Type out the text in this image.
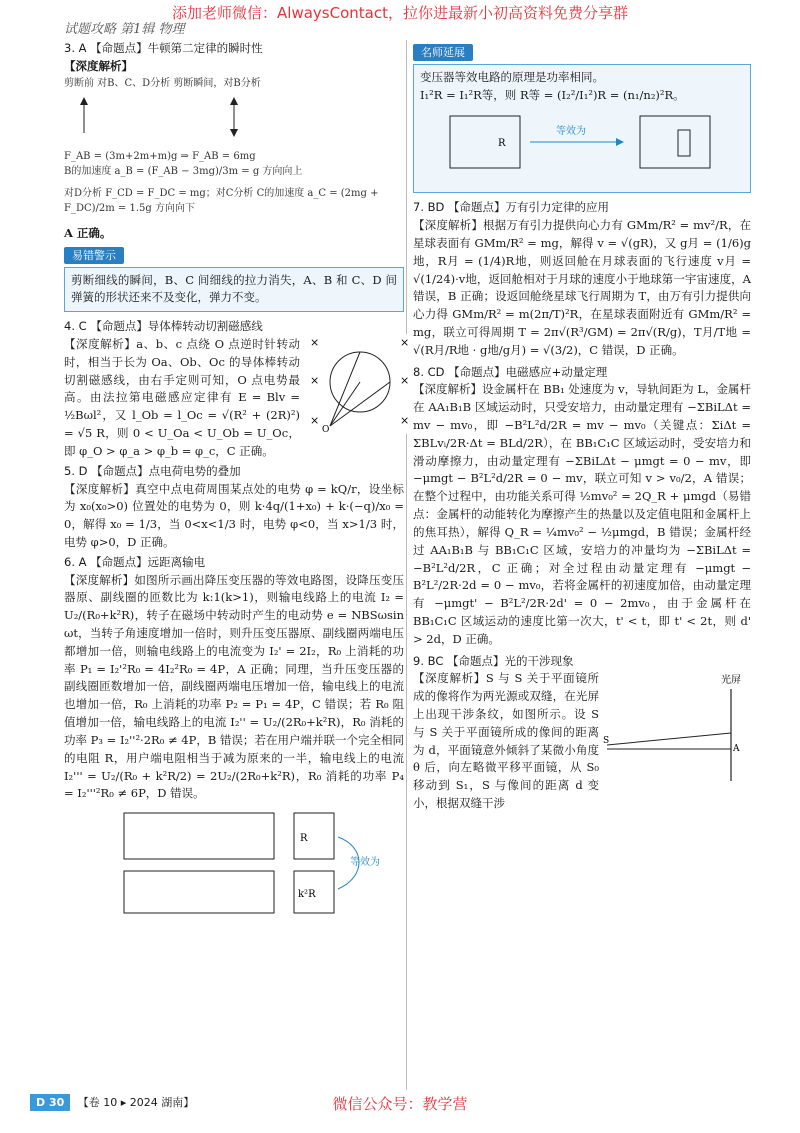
添加老师微信：AlwaysContact，拉你进最新小初高资料免费分享群
试题攻略 第1辑 物理
3. A 【命题点】牛顿第二定律的瞬时性
【深度解析】
剪断前 对B、C、D分析 剪断瞬间，对B分析
F_AB = (3m+2m+m)g ⇒ F_AB = 6mg
B的加速度 a_B = (F_AB − 3mg)/3m = g 方向向上
对D分析 F_CD = F_DC = mg；对C分析 C的加速度 a_C = (2mg + F_DC)/2m = 1.5g 方向向下

A 正确。

易错警示

剪断细线的瞬间，B、C 间细线的拉力消失，A、B 和 C、D 间弹簧的形状还来不及变化，弹力不变。

4. C 【命题点】导体棒转动切割磁感线
×	×
×	×
×	×
O

【深度解析】a、b、c 点绕 O 点逆时针转动时，相当于长为 Oa、Ob、Oc 的导体棒转动切割磁感线，由右手定则可知，O 点电势最高。由法拉第电磁感应定律有 E = Blv = ½Bωl²，又 l_Ob = l_Oc = √(R² + (2R)²) = √5 R，则 0 < U_Oa < U_Ob = U_Oc，即 φ_O > φ_a > φ_b = φ_c，C 正确。

5. D 【命题点】点电荷电势的叠加

【深度解析】真空中点电荷周围某点处的电势 φ = kQ/r，设坐标为 x₀(x₀>0) 位置处的电势为 0，则 k·4q/(1+x₀) + k·(−q)/x₀ = 0，解得 x₀ = 1/3，当 0<x<1/3 时，电势 φ<0，当 x>1/3 时，电势 φ>0，D 正确。

6. A 【命题点】远距离输电

【深度解析】如图所示画出降压变压器的等效电路图，设降压变压器原、副线圈的匝数比为 k:1(k>1)，则输电线路上的电流 I₂ = U₂/(R₀+k²R)，转子在磁场中转动时产生的电动势 e = NBSωsin ωt，当转子角速度增加一倍时，则升压变压器原、副线圈两端电压都增加一倍，则输电线路上的电流变为 I₂' = 2I₂，R₀ 上消耗的功率 P₁ = I₂'²R₀ = 4I₂²R₀ = 4P，A 正确；同理，当升压变压器的副线圈匝数增加一倍，副线圈两端电压增加一倍，输电线上的电流也增加一倍，R₀ 上消耗的功率 P₂ = P₁ = 4P，C 错误；若 R₀ 阻值增加一倍，输电线路上的电流 I₂'' = U₂/(2R₀+k²R)，R₀ 消耗的功率 P₃ = I₂''²·2R₀ ≠ 4P，B 错误；若在用户端并联一个完全相同的电阻 R，用户端电阻相当于减为原来的一半，输电线上的电流 I₂''' = U₂/(R₀ + k²R/2) = 2U₂/(2R₀+k²R)，R₀ 消耗的功率 P₄ = I₂'''²R₀ ≠ 6P，D 错误。

R
k²R
等效为
名师延展

变压器等效电路的原理是功率相同。

I₁²R = I₁²R等，则 R等 = (I₂²/I₁²)R = (n₁/n₂)²R。

R
等效为
7. BD 【命题点】万有引力定律的应用

【深度解析】根据万有引力提供向心力有 GMm/R² = mv²/R，在星球表面有 GMm/R² = mg，解得 v = √(gR)，又 g月 = (1/6)g地，R月 = (1/4)R地，则返回舱在月球表面的飞行速度 v月 = √(1/24)·v地，返回舱相对于月球的速度小于地球第一宇宙速度，A 错误，B 正确；设返回舱绕星球飞行周期为 T，由万有引力提供向心力得 GMm/R² = m(2π/T)²R，在星球表面附近有 GMm/R² = mg，联立可得周期 T = 2π√(R³/GM) = 2π√(R/g)，T月/T地 = √(R月/R地 · g地/g月) = √(3/2)，C 错误，D 正确。

8. CD 【命题点】电磁感应+动量定理

【深度解析】设金属杆在 BB₁ 处速度为 v，导轨间距为 L，金属杆在 AA₁B₁B 区域运动时，只受安培力，由动量定理有 −ΣBiLΔt = mv − mv₀，即 −B²L²d/2R = mv − mv₀（关键点：ΣiΔt = ΣBLvᵢ/2R·Δt = BLd/2R），在 BB₁C₁C 区域运动时，受安培力和滑动摩擦力，由动量定理有 −ΣBiLΔt − μmgt = 0 − mv，即 −μmgt − B²L²d/2R = 0 − mv，联立可知 v > v₀/2，A 错误；在整个过程中，由功能关系可得 ½mv₀² = 2Q_R + μmgd（易错点：金属杆的动能转化为摩擦产生的热量以及定值电阻和金属杆上的焦耳热），解得 Q_R = ¼mv₀² − ½μmgd，B 错误；金属杆经过 AA₁B₁B 与 BB₁C₁C 区域，安培力的冲量均为 −ΣBiLΔt = −B²L²d/2R，C 正确；对全过程由动量定理有 −μmgt − B²L²/2R·2d = 0 − mv₀，若将金属杆的初速度加倍，由动量定理有 −μmgt' − B²L²/2R·2d' = 0 − 2mv₀，由于金属杆在 BB₁C₁C 区域运动的速度比第一次大，t' < t，即 t' < 2t，则 d' > 2d，D 正确。

9. BC 【命题点】光的干涉现象
光屏
S
A

【深度解析】S 与 S 关于平面镜所成的像将作为两光源或双缝，在光屏上出现干涉条纹，如图所示。设 S 与 S 关于平面镜所成的像间的距离为 d，平面镜意外倾斜了某微小角度 θ 后，向左略微平移平面镜，从 S₀ 移动到 S₁，S 与像间的距离 d 变小，根据双缝干涉

D 30 【卷 10 ▸ 2024 湖南】	微信公众号：教学营
